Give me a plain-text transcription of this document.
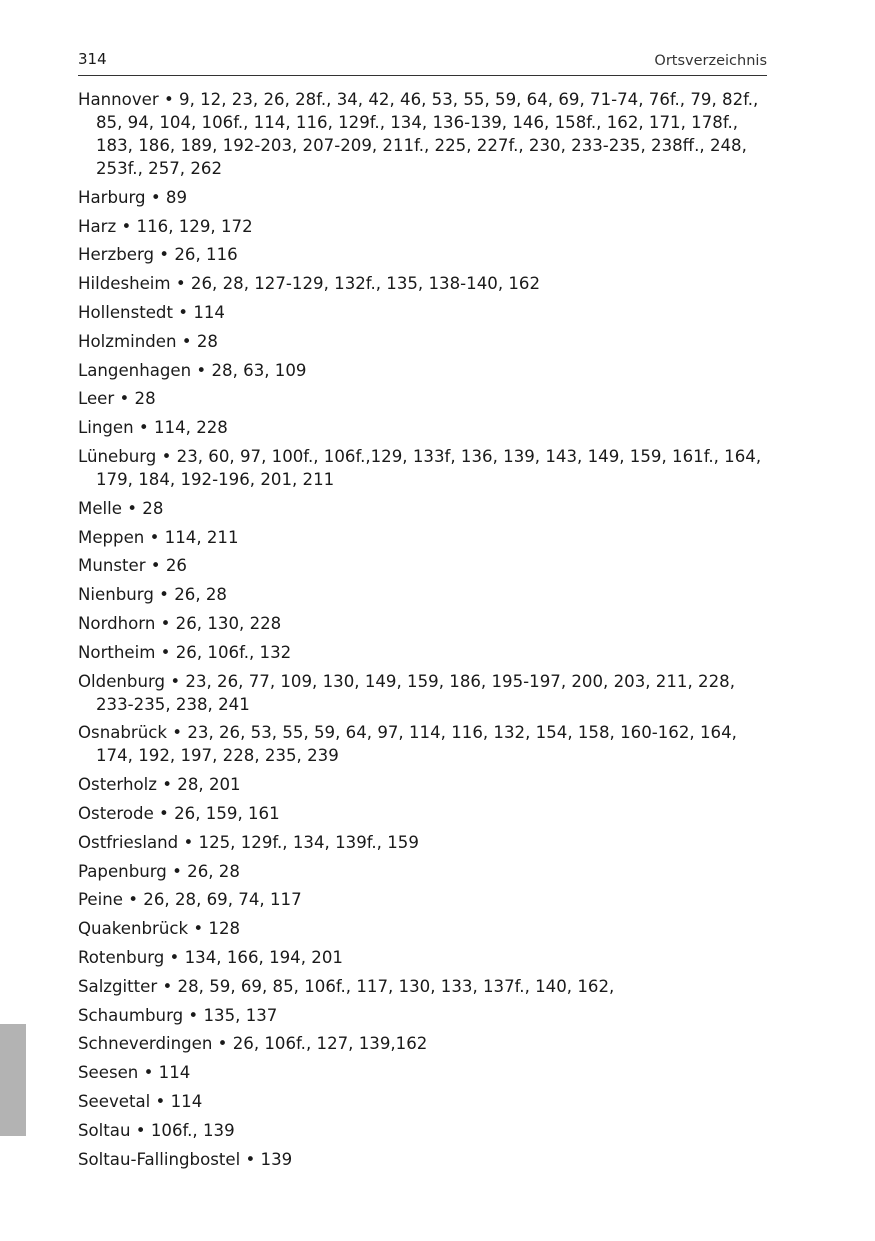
314	Ortsverzeichnis
Hannover • 9, 12, 23, 26, 28f., 34, 42, 46, 53, 55, 59, 64, 69, 71-74, 76f., 79, 82f.,
85, 94, 104, 106f., 114, 116, 129f., 134, 136-139, 146, 158f., 162, 171, 178f.,
183, 186, 189, 192-203, 207-209, 211f., 225, 227f., 230, 233-235, 238ff., 248,
253f., 257, 262
Harburg • 89
Harz • 116, 129, 172
Herzberg • 26, 116
Hildesheim • 26, 28, 127-129, 132f., 135, 138-140, 162
Hollenstedt • 114
Holzminden • 28
Langenhagen • 28, 63, 109
Leer • 28
Lingen • 114, 228
Lüneburg • 23, 60, 97, 100f., 106f.,129, 133f, 136, 139, 143, 149, 159, 161f., 164,
179, 184, 192-196, 201, 211
Melle • 28
Meppen • 114, 211
Munster • 26
Nienburg • 26, 28
Nordhorn • 26, 130, 228
Northeim • 26, 106f., 132
Oldenburg • 23, 26, 77, 109, 130, 149, 159, 186, 195-197, 200, 203, 211, 228,
233-235, 238, 241
Osnabrück • 23, 26, 53, 55, 59, 64, 97, 114, 116, 132, 154, 158, 160-162, 164,
174, 192, 197, 228, 235, 239
Osterholz • 28, 201
Osterode • 26, 159, 161
Ostfriesland • 125, 129f., 134, 139f., 159
Papenburg • 26, 28
Peine • 26, 28, 69, 74, 117
Quakenbrück • 128
Rotenburg • 134, 166, 194, 201
Salzgitter • 28, 59, 69, 85, 106f., 117, 130, 133, 137f., 140, 162,
Schaumburg • 135, 137
Schneverdingen • 26, 106f., 127, 139,162
Seesen • 114
Seevetal • 114
Soltau • 106f., 139
Soltau-Fallingbostel • 139
